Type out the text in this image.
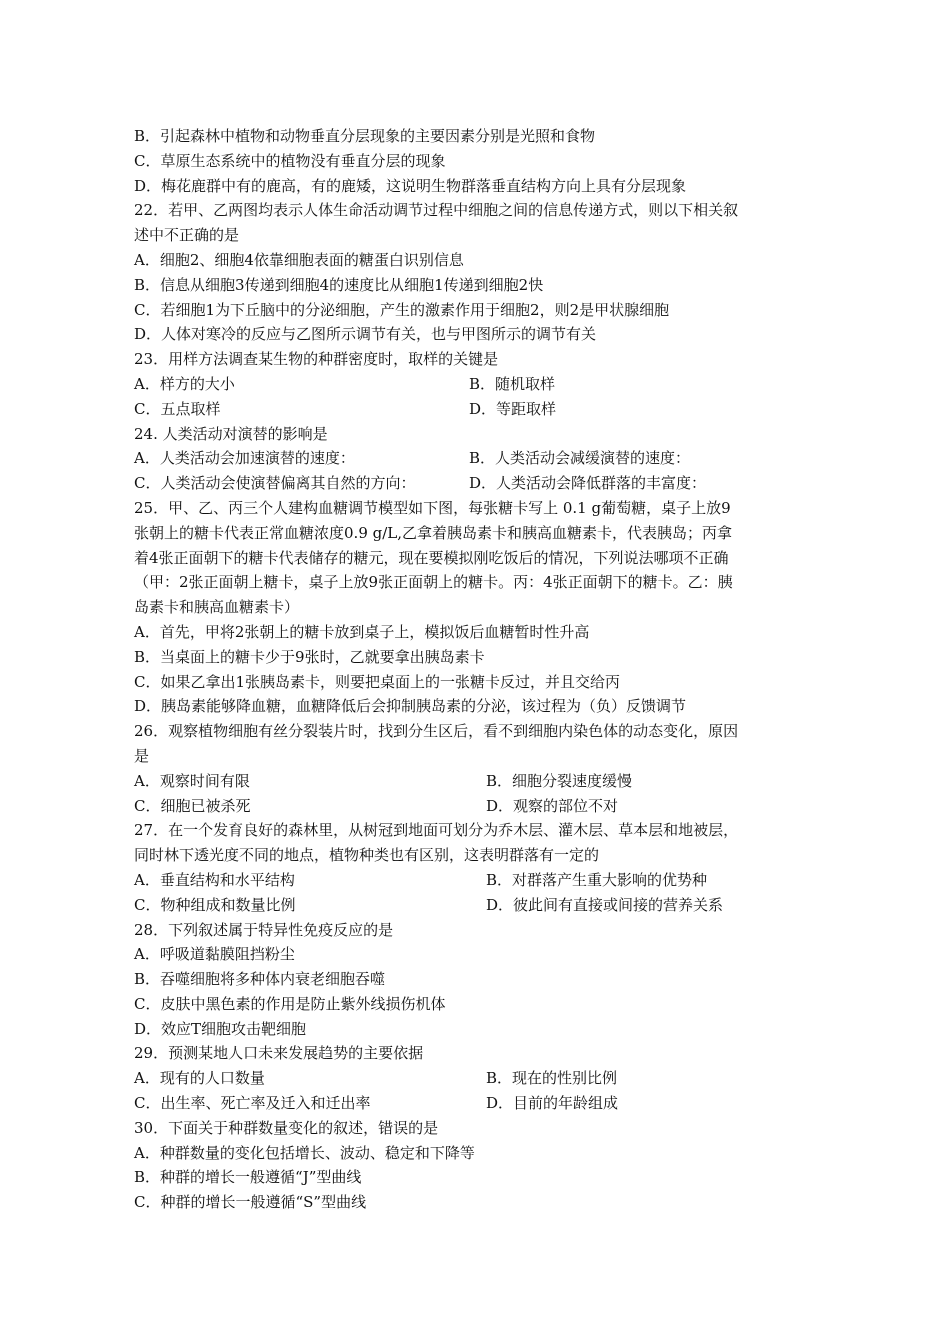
B．引起森林中植物和动物垂直分层现象的主要因素分别是光照和食物
C．草原生态系统中的植物没有垂直分层的现象
D．梅花鹿群中有的鹿高，有的鹿矮，这说明生物群落垂直结构方向上具有分层现象
22．若甲、乙两图均表示人体生命活动调节过程中细胞之间的信息传递方式，则以下相关叙
述中不正确的是
A．细胞2、细胞4依靠细胞表面的糖蛋白识别信息
B．信息从细胞3传递到细胞4的速度比从细胞1传递到细胞2快
C．若细胞1为下丘脑中的分泌细胞，产生的激素作用于细胞2，则2是甲状腺细胞
D．人体对寒冷的反应与乙图所示调节有关，也与甲图所示的调节有关
23．用样方法调查某生物的种群密度时，取样的关键是
A．样方的大小	B．随机取样
C．五点取样	D．等距取样
24. 人类活动对演替的影响是
A．人类活动会加速演替的速度：	B．人类活动会减缓演替的速度：
C．人类活动会使演替偏离其自然的方向：	D．人类活动会降低群落的丰富度：
25．甲、乙、丙三个人建构血糖调节模型如下图，每张糖卡写上 0.1 g葡萄糖，桌子上放9
张朝上的糖卡代表正常血糖浓度0.9 g/L,乙拿着胰岛素卡和胰高血糖素卡，代表胰岛；丙拿
着4张正面朝下的糖卡代表储存的糖元，现在要模拟刚吃饭后的情况，下列说法哪项不正确
（甲：2张正面朝上糖卡，桌子上放9张正面朝上的糖卡。丙：4张正面朝下的糖卡。乙：胰
岛素卡和胰高血糖素卡）
A．首先，甲将2张朝上的糖卡放到桌子上，模拟饭后血糖暂时性升高
B．当桌面上的糖卡少于9张时，乙就要拿出胰岛素卡
C．如果乙拿出1张胰岛素卡，则要把桌面上的一张糖卡反过，并且交给丙
D．胰岛素能够降血糖，血糖降低后会抑制胰岛素的分泌，该过程为（负）反馈调节
26．观察植物细胞有丝分裂装片时，找到分生区后，看不到细胞内染色体的动态变化，原因
是
A．观察时间有限	B．细胞分裂速度缓慢
C．细胞已被杀死	D．观察的部位不对
27．在一个发育良好的森林里，从树冠到地面可划分为乔木层、灌木层、草本层和地被层，
同时林下透光度不同的地点，植物种类也有区别，这表明群落有一定的
A．垂直结构和水平结构	B．对群落产生重大影响的优势种
C．物种组成和数量比例	D．彼此间有直接或间接的营养关系
28．下列叙述属于特异性免疫反应的是
A．呼吸道黏膜阻挡粉尘
B．吞噬细胞将多种体内衰老细胞吞噬
C．皮肤中黑色素的作用是防止紫外线损伤机体
D．效应T细胞攻击靶细胞
29．预测某地人口未来发展趋势的主要依据
A．现有的人口数量	B．现在的性别比例
C．出生率、死亡率及迁入和迁出率	D．目前的年龄组成
30．下面关于种群数量变化的叙述，错误的是
A．种群数量的变化包括增长、波动、稳定和下降等
B．种群的增长一般遵循“J”型曲线
C．种群的增长一般遵循“S”型曲线
